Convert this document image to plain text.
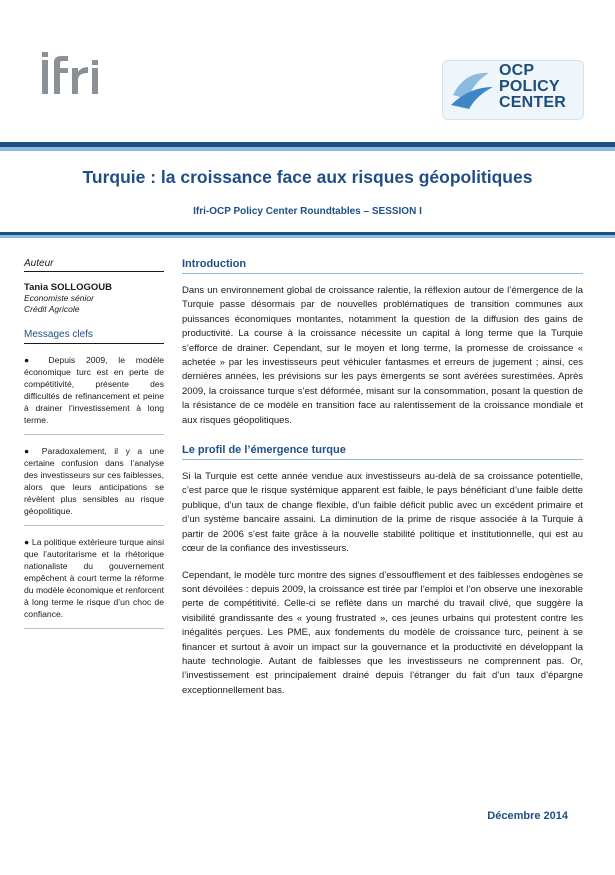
OCP
POLICY
CENTER
Turquie : la croissance face aux risques géopolitiques
Ifri-OCP Policy Center Roundtables – SESSION I
Auteur
Tania SOLLOGOUB
Economiste sénior
Crédit Agricole
Messages clefs
● Depuis 2009, le modèle économique turc est en perte de compétitivité, présente des difficultés de refinancement et peine à drainer l’investissement à long terme.
● Paradoxalement, il y a une certaine confusion dans l’analyse des investisseurs sur ces faiblesses, alors que leurs anticipations se révèlent plus sensibles au risque géopolitique.
● La politique extérieure turque ainsi que l’autoritarisme et la rhétorique nationaliste du gouvernement empêchent à court terme la réforme du modèle économique et renforcent à long terme le risque d’un choc de confiance.
Introduction

Dans un environnement global de croissance ralentie, la réflexion autour de l’émergence de la Turquie passe désormais par de nouvelles problématiques de transition communes aux puissances économiques montantes, notamment la question de la diffusion des gains de productivité. La course à la croissance nécessite un capital à long terme que la Turquie s’efforce de drainer. Cependant, sur le moyen et long terme, la promesse de croissance « achetée » par les investisseurs peut véhiculer fantasmes et erreurs de jugement ; ainsi, ces dernières années, les prévisions sur les pays émergents se sont avérées surestimées. Après 2009, la croissance turque s’est déformée, misant sur la consommation, posant la question de la résistance de ce modèle en transition face au ralentissement de la croissance mondiale et aux risques géopolitiques.

Le profil de l’émergence turque

Si la Turquie est cette année vendue aux investisseurs au-delà de sa croissance potentielle, c’est parce que le risque systémique apparent est faible, le pays bénéficiant d’une faible dette publique, d’un taux de change flexible, d’un faible déficit public avec un excédent primaire et d’un système bancaire assaini. La diminution de la prime de risque associée à la Turquie à partir de 2006 s’est faite grâce à la nouvelle stabilité politique et institutionnelle, qui est au cœur de la confiance des investisseurs.

Cependant, le modèle turc montre des signes d’essoufflement et des faiblesses endogènes se sont dévoilées : depuis 2009, la croissance est tirée par l’emploi et l’on observe une inexorable perte de compétitivité. Celle-ci se reflète dans un marché du travail clivé, que suggère la visibilité grandissante des « young frustrated », ces jeunes urbains qui protestent contre les inégalités perçues. Les PME, aux fondements du modèle de croissance turc, peinent à se financer et surtout à avoir un impact sur la gouvernance et la productivité en développant la haute technologie. Autant de faiblesses que les investisseurs ne comprennent pas. Or, l’investissement est principalement drainé depuis l’étranger du fait d’un taux d’épargne exceptionnellement bas.

Décembre 2014
